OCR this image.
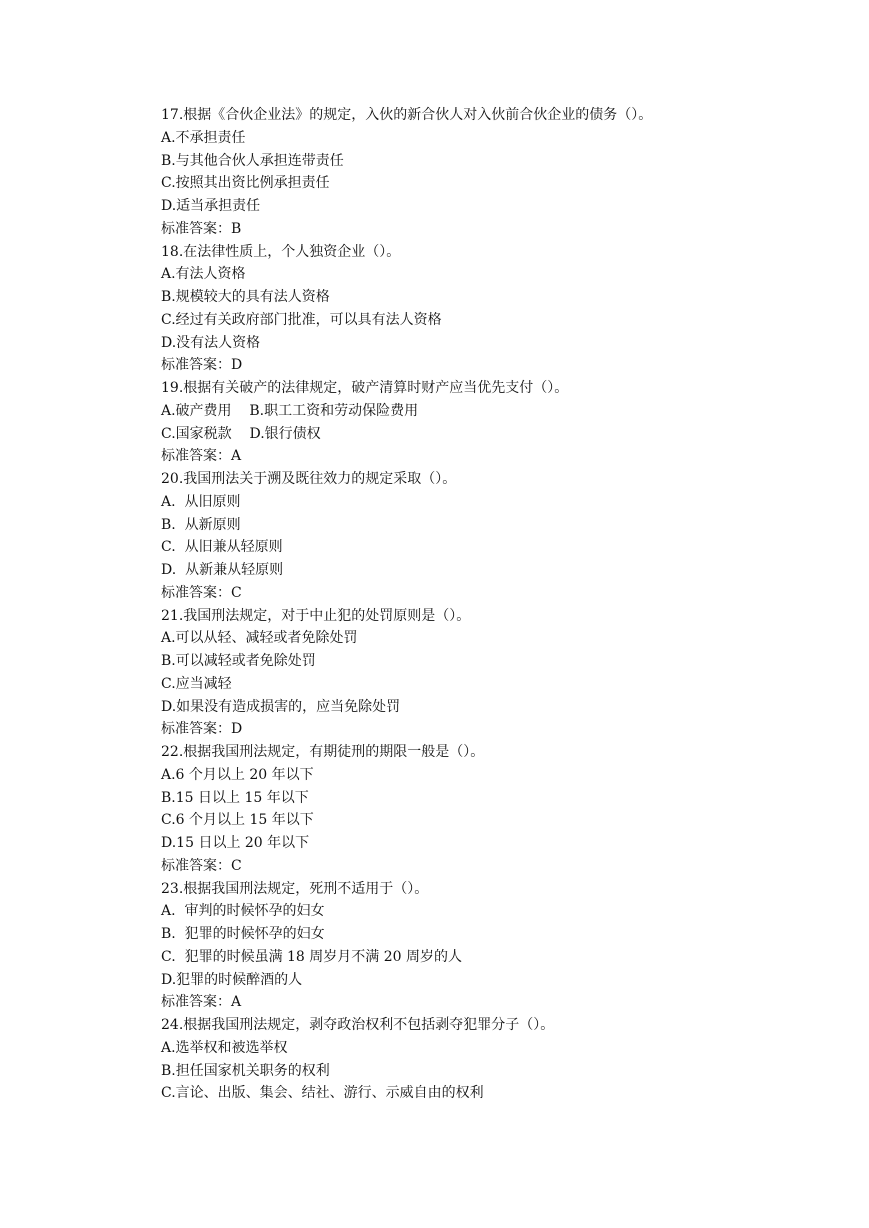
17.根据《合伙企业法》的规定，入伙的新合伙人对入伙前合伙企业的债务（）。
A.不承担责任
B.与其他合伙人承担连带责任
C.按照其出资比例承担责任
D.适当承担责任
标准答案：B
18.在法律性质上，个人独资企业（）。
A.有法人资格
B.规模较大的具有法人资格
C.经过有关政府部门批准，可以具有法人资格
D.没有法人资格
标准答案：D
19.根据有关破产的法律规定，破产清算时财产应当优先支付（）。
A.破产费用    B.职工工资和劳动保险费用
C.国家税款    D.银行债权
标准答案：A
20.我国刑法关于溯及既往效力的规定采取（）。
A.  从旧原则
B.  从新原则
C.  从旧兼从轻原则
D.  从新兼从轻原则
标准答案：C
21.我国刑法规定，对于中止犯的处罚原则是（）。
A.可以从轻、减轻或者免除处罚
B.可以减轻或者免除处罚
C.应当减轻
D.如果没有造成损害的，应当免除处罚
标准答案：D
22.根据我国刑法规定，有期徒刑的期限一般是（）。
A.6 个月以上 20 年以下
B.15 日以上 15 年以下
C.6 个月以上 15 年以下
D.15 日以上 20 年以下
标准答案：C
23.根据我国刑法规定，死刑不适用于（）。
A.  审判的时候怀孕的妇女
B.  犯罪的时候怀孕的妇女
C.  犯罪的时候虽满 18 周岁月不满 20 周岁的人
D.犯罪的时候醉酒的人
标准答案：A
24.根据我国刑法规定，剥夺政治权利不包括剥夺犯罪分子（）。
A.选举权和被选举权
B.担任国家机关职务的权利
C.言论、出版、集会、结社、游行、示威自由的权利
